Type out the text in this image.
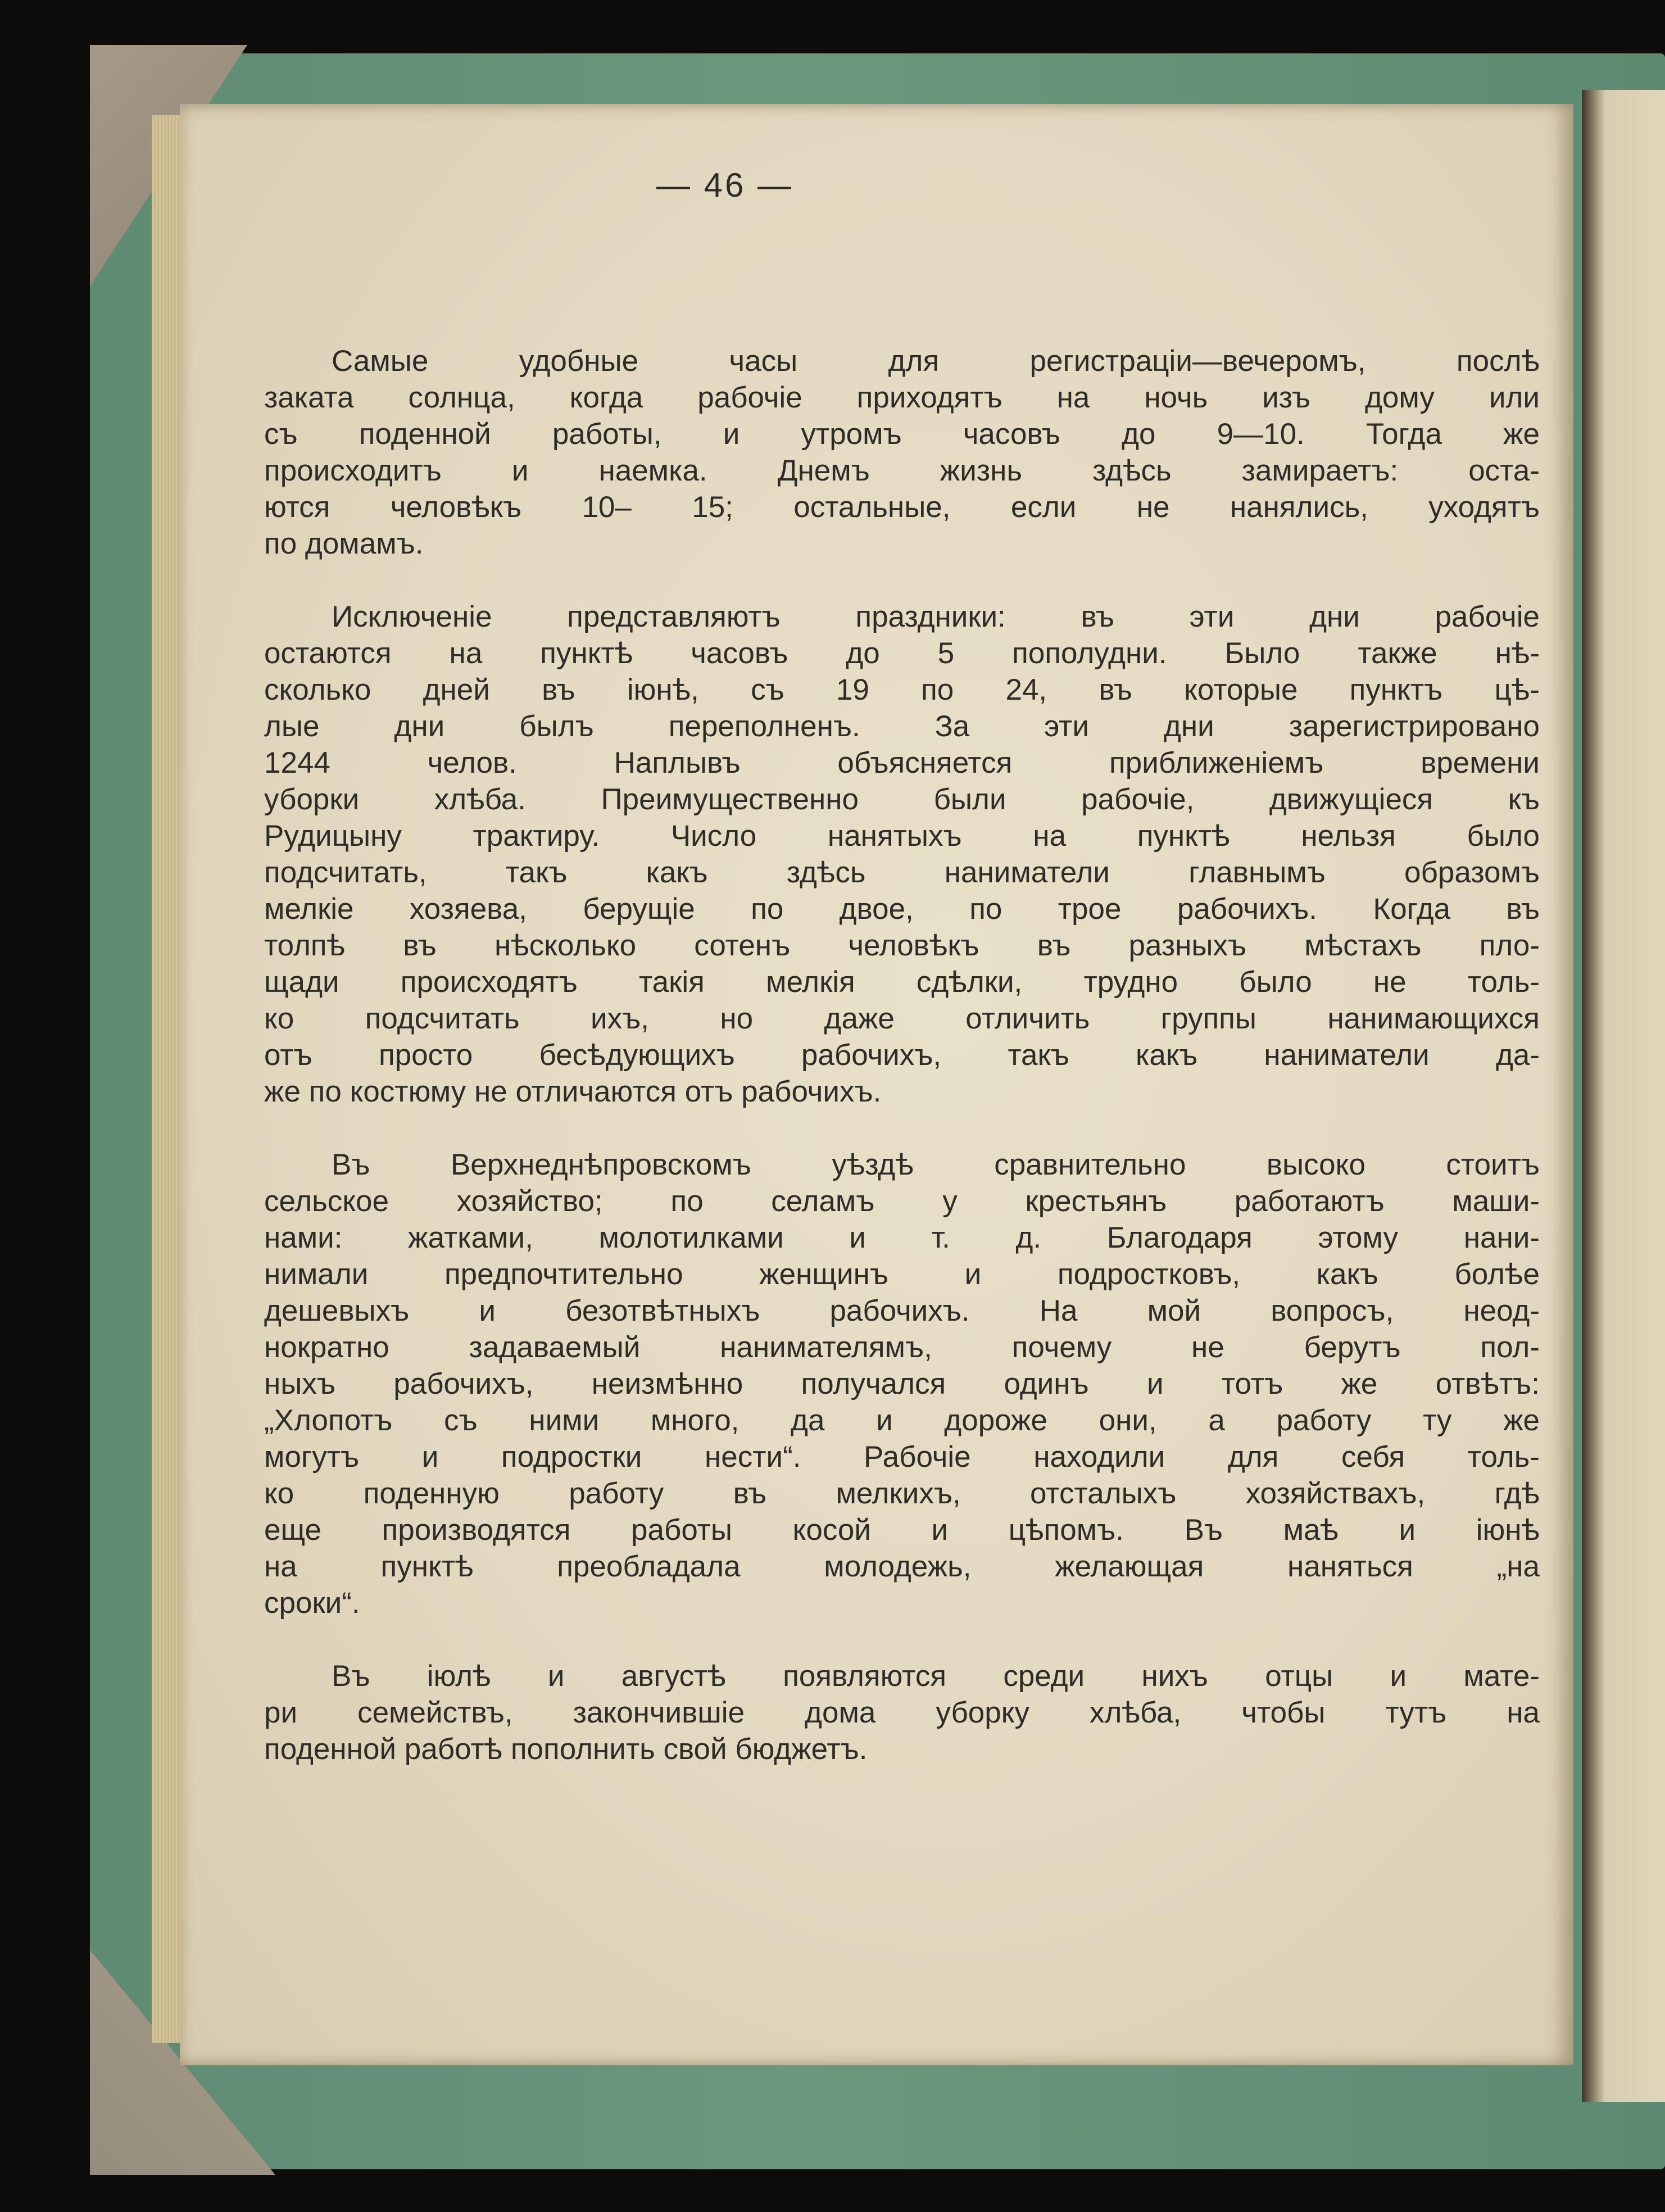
— 46 —
Самые удобные часы для регистраціи—вечеромъ, послѣ
заката солнца, когда рабочіе приходятъ на ночь изъ дому или
съ поденной работы, и утромъ часовъ до 9—10. Тогда же
происходитъ и наемка. Днемъ жизнь здѣсь замираетъ: оста-
ются человѣкъ 10– 15; остальные, если не нанялись, уходятъ
по домамъ.
Исключеніе представляютъ праздники: въ эти дни рабочіе
остаются на пунктѣ часовъ до 5 пополудни. Было также нѣ-
сколько дней въ іюнѣ, съ 19 по 24, въ которые пунктъ цѣ-
лые дни былъ переполненъ. За эти дни зарегистрировано
1244 челов. Наплывъ объясняется приближеніемъ времени
уборки хлѣба. Преимущественно были рабочіе, движущіеся къ
Рудицыну трактиру. Число нанятыхъ на пунктѣ нельзя было
подсчитать, такъ какъ здѣсь наниматели главнымъ образомъ
мелкіе хозяева, берущіе по двое, по трое рабочихъ. Когда въ
толпѣ въ нѣсколько сотенъ человѣкъ въ разныхъ мѣстахъ пло-
щади происходятъ такія мелкія сдѣлки, трудно было не толь-
ко подсчитать ихъ, но даже отличить группы нанимающихся
отъ просто бесѣдующихъ рабочихъ, такъ какъ наниматели да-
же по костюму не отличаются отъ рабочихъ.
Въ Верхнеднѣпровскомъ уѣздѣ сравнительно высоко стоитъ
сельское хозяйство; по селамъ у крестьянъ работаютъ маши-
нами: жатками, молотилками и т. д. Благодаря этому нани-
нимали предпочтительно женщинъ и подростковъ, какъ болѣе
дешевыхъ и безотвѣтныхъ рабочихъ. На мой вопросъ, неод-
нократно задаваемый нанимателямъ, почему не берутъ пол-
ныхъ рабочихъ, неизмѣнно получался одинъ и тотъ же отвѣтъ:
„Хлопотъ съ ними много, да и дороже они, а работу ту же
могутъ и подростки нести“. Рабочіе находили для себя толь-
ко поденную работу въ мелкихъ, отсталыхъ хозяйствахъ, гдѣ
еще производятся работы косой и цѣпомъ. Въ маѣ и іюнѣ
на пунктѣ преобладала молодежь, желающая наняться „на
сроки“.
Въ іюлѣ и августѣ появляются среди нихъ отцы и мате-
ри семействъ, закончившіе дома уборку хлѣба, чтобы тутъ на
поденной работѣ пополнить свой бюджетъ.
